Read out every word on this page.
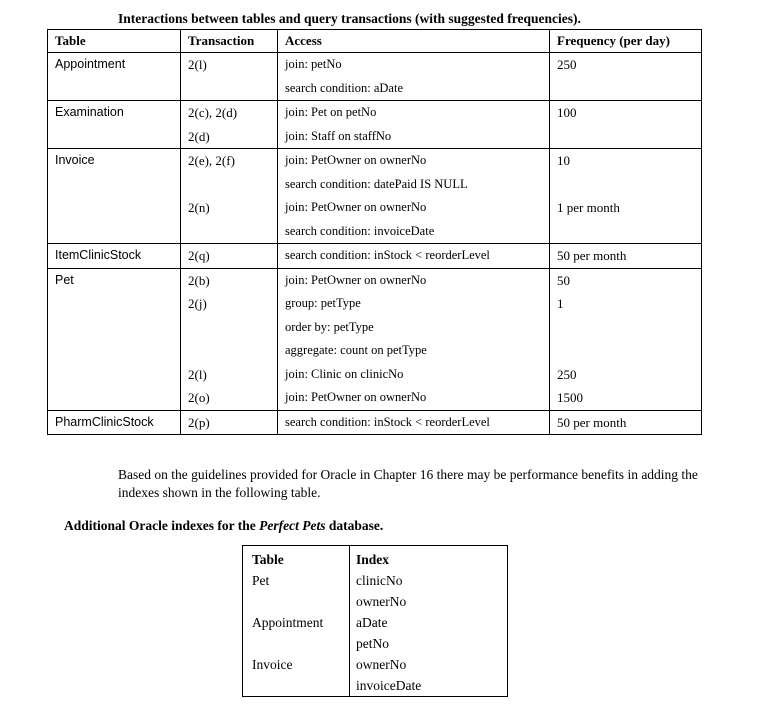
Interactions between tables and query transactions (with suggested frequencies).
Table	Transaction	Access	Frequency (per day)
Appointment	2(l)	join: petNo	250
		search condition: aDate	
Examination	2(c), 2(d)	join: Pet on petNo	100
	2(d)	join: Staff on staffNo	
Invoice	2(e), 2(f)	join: PetOwner on ownerNo	10
		search condition: datePaid IS NULL	
	2(n)	join: PetOwner on ownerNo	1 per month
		search condition: invoiceDate	
ItemClinicStock	2(q)	search condition: inStock < reorderLevel	50 per month
Pet	2(b)	join: PetOwner on ownerNo	50
	2(j)	group: petType	1
		order by: petType	
		aggregate: count on petType	
	2(l)	join: Clinic on clinicNo	250
	2(o)	join: PetOwner on ownerNo	1500
PharmClinicStock	2(p)	search condition: inStock < reorderLevel	50 per month
Based on the guidelines provided for Oracle in Chapter 16 there may be performance benefits in adding the indexes shown in the following table.
Additional Oracle indexes for the Perfect Pets database.
Table	Index
Pet	clinicNo
	ownerNo
Appointment	aDate
	petNo
Invoice	ownerNo
	invoiceDate
